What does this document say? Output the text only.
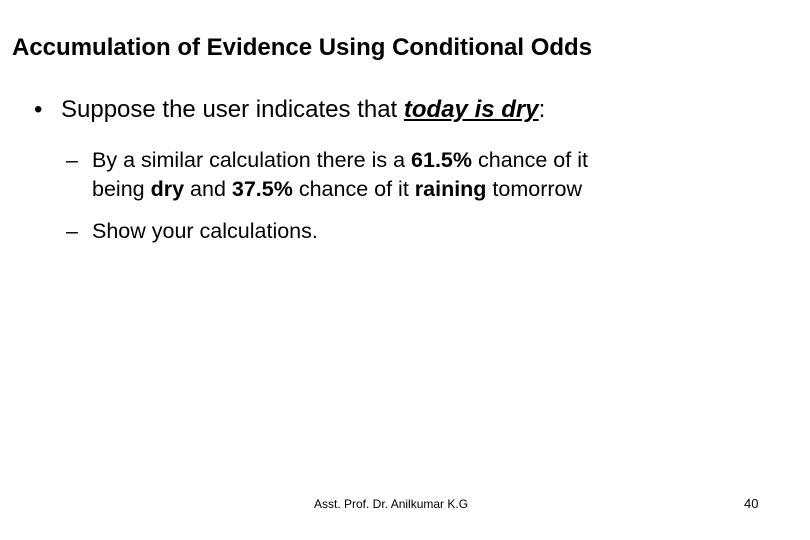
Accumulation of Evidence Using Conditional Odds
• Suppose the user indicates that today is dry:
– By a similar calculation there is a 61.5% chance of it
being dry and 37.5% chance of it raining tomorrow
– Show your calculations.
Asst. Prof. Dr. Anilkumar K.G	40
